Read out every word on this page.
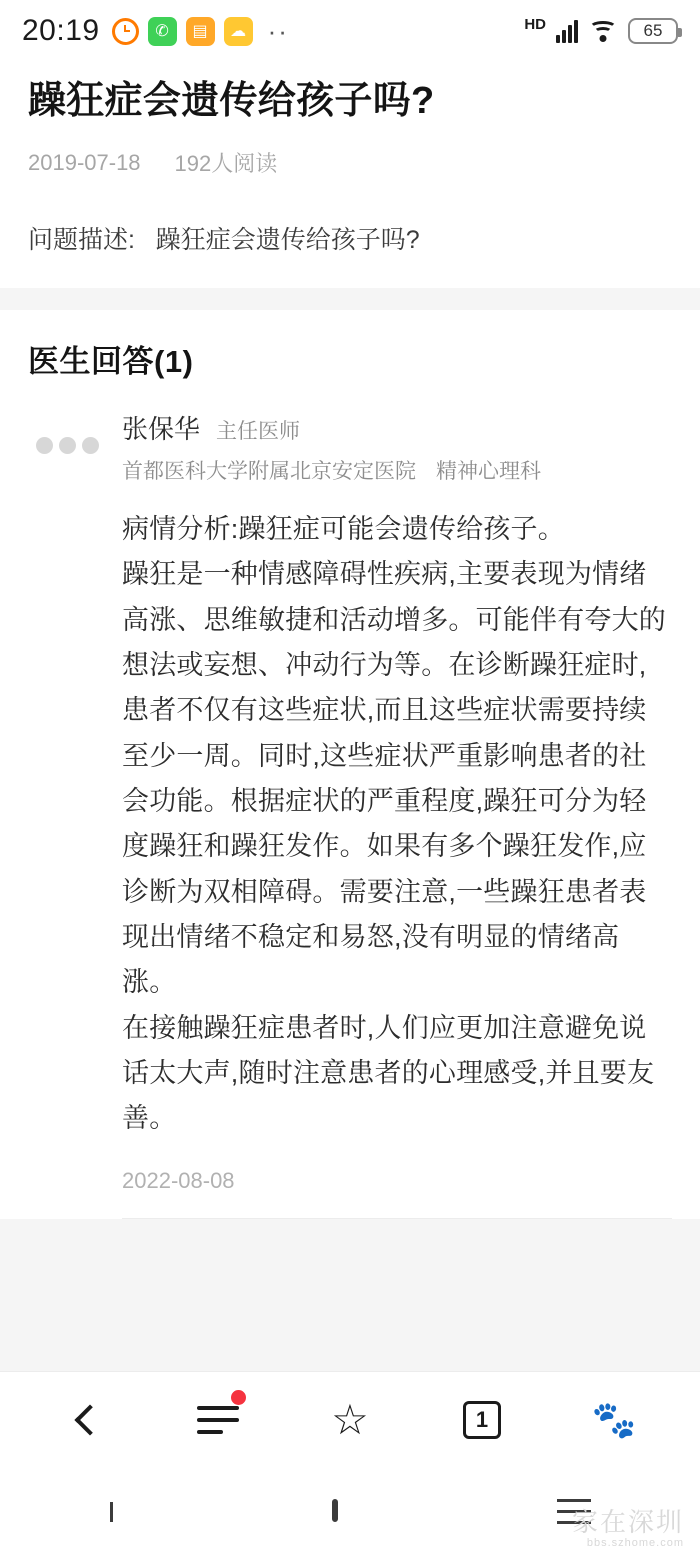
20:19	✆	▤	☁ ··	HD	65
躁狂症会遗传给孩子吗?
2019-07-18 192人阅读
问题描述: 躁狂症会遗传给孩子吗?
医生回答(1)
张保华 主任医师
首都医科大学附属北京安定医院 精神心理科

病情分析:躁狂症可能会遗传给孩子。

躁狂是一种情感障碍性疾病,主要表现为情绪高涨、思维敏捷和活动增多。可能伴有夸大的想法或妄想、冲动行为等。在诊断躁狂症时,患者不仅有这些症状,而且这些症状需要持续至少一周。同时,这些症状严重影响患者的社会功能。根据症状的严重程度,躁狂可分为轻度躁狂和躁狂发作。如果有多个躁狂发作,应诊断为双相障碍。需要注意,一些躁狂患者表现出情绪不稳定和易怒,没有明显的情绪高涨。

在接触躁狂症患者时,人们应更加注意避免说话太大声,随时注意患者的心理感受,并且要友善。

2022-08-08
☆	1	🐾
家在深圳
bbs.szhome.com
